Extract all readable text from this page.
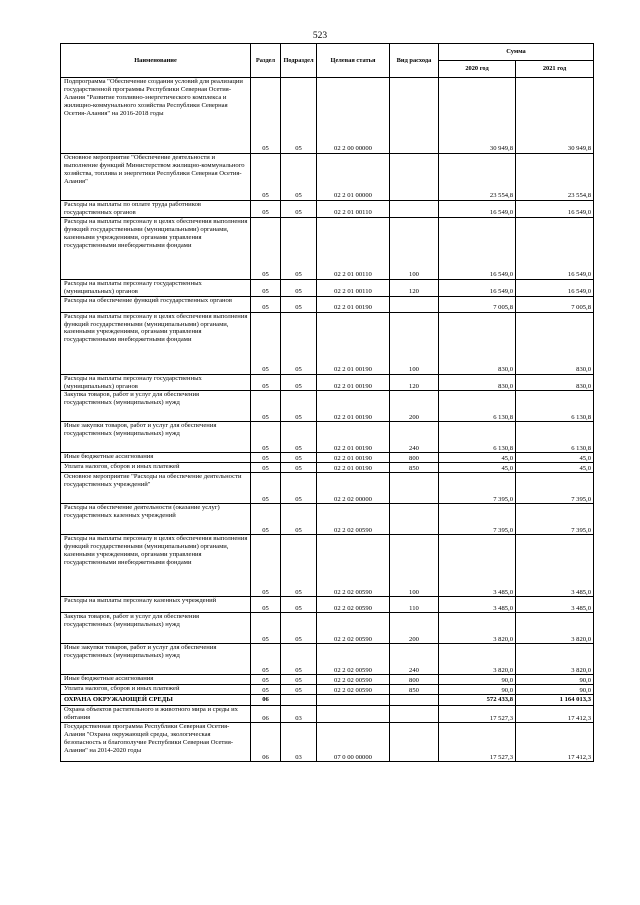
523
Наименование	Раздел	Подраздел	Целевая статья	Вид расхода	Сумма	
					2020 год	2021 год
Подпрограмма "Обеспечение создания условий для реализации государственной программы Республики Северная Осетия-Алания "Развитие топливно-энергетического комплекса и жилищно-коммунального хозяйства Республики Северная Осетия-Алания" на 2016-2018 годы	05	05	02 2 00 00000		30 949,8	30 949,8
Основное мероприятие "Обеспечение деятельности и выполнение функций Министерством жилищно-коммунального хозяйства, топлива и энергетики Республики Северная Осетия-Алания"	05	05	02 2 01 00000		23 554,8	23 554,8
Расходы на выплаты по оплате труда работников государственных органов	05	05	02 2 01 00110		16 549,0	16 549,0
Расходы на выплаты персоналу в целях обеспечения выполнения функций государственными (муниципальными) органами, казенными учреждениями, органами управления государственными внебюджетными фондами	05	05	02 2 01 00110	100	16 549,0	16 549,0
Расходы на выплаты персоналу государственных (муниципальных) органов	05	05	02 2 01 00110	120	16 549,0	16 549,0
Расходы на обеспечение функций государственных органов	05	05	02 2 01 00190		7 005,8	7 005,8
Расходы на выплаты персоналу в целях обеспечения выполнения функций государственными (муниципальными) органами, казенными учреждениями, органами управления государственными внебюджетными фондами	05	05	02 2 01 00190	100	830,0	830,0
Расходы на выплаты персоналу государственных (муниципальных) органов	05	05	02 2 01 00190	120	830,0	830,0
Закупка товаров, работ и услуг для обеспечения государственных (муниципальных) нужд	05	05	02 2 01 00190	200	6 130,8	6 130,8
Иные закупки товаров, работ и услуг для обеспечения государственных (муниципальных) нужд	05	05	02 2 01 00190	240	6 130,8	6 130,8
Иные бюджетные ассигнования	05	05	02 2 01 00190	800	45,0	45,0
Уплата налогов, сборов и иных платежей	05	05	02 2 01 00190	850	45,0	45,0
Основное мероприятие "Расходы на обеспечение деятельности государственных учреждений"	05	05	02 2 02 00000		7 395,0	7 395,0
Расходы на обеспечение деятельности (оказание услуг) государственных казенных учреждений	05	05	02 2 02 00590		7 395,0	7 395,0
Расходы на выплаты персоналу в целях обеспечения выполнения функций государственными (муниципальными) органами, казенными учреждениями, органами управления государственными внебюджетными фондами	05	05	02 2 02 00590	100	3 485,0	3 485,0
Расходы на выплаты персоналу казенных учреждений	05	05	02 2 02 00590	110	3 485,0	3 485,0
Закупка товаров, работ и услуг для обеспечения государственных (муниципальных) нужд	05	05	02 2 02 00590	200	3 820,0	3 820,0
Иные закупки товаров, работ и услуг для обеспечения государственных (муниципальных) нужд	05	05	02 2 02 00590	240	3 820,0	3 820,0
Иные бюджетные ассигнования	05	05	02 2 02 00590	800	90,0	90,0
Уплата налогов, сборов и иных платежей	05	05	02 2 02 00590	850	90,0	90,0
ОХРАНА ОКРУЖАЮЩЕЙ СРЕДЫ	06				572 433,8	1 164 013,3
Охрана объектов растительного и животного мира и среды их обитания	06	03			17 527,3	17 412,3
Государственная программа Республики Северная Осетия-Алания "Охрана окружающей среды, экологическая безопасность и благополучие Республики Северная Осетия-Алания" на 2014-2020 годы	06	03	07 0 00 00000		17 527,3	17 412,3
